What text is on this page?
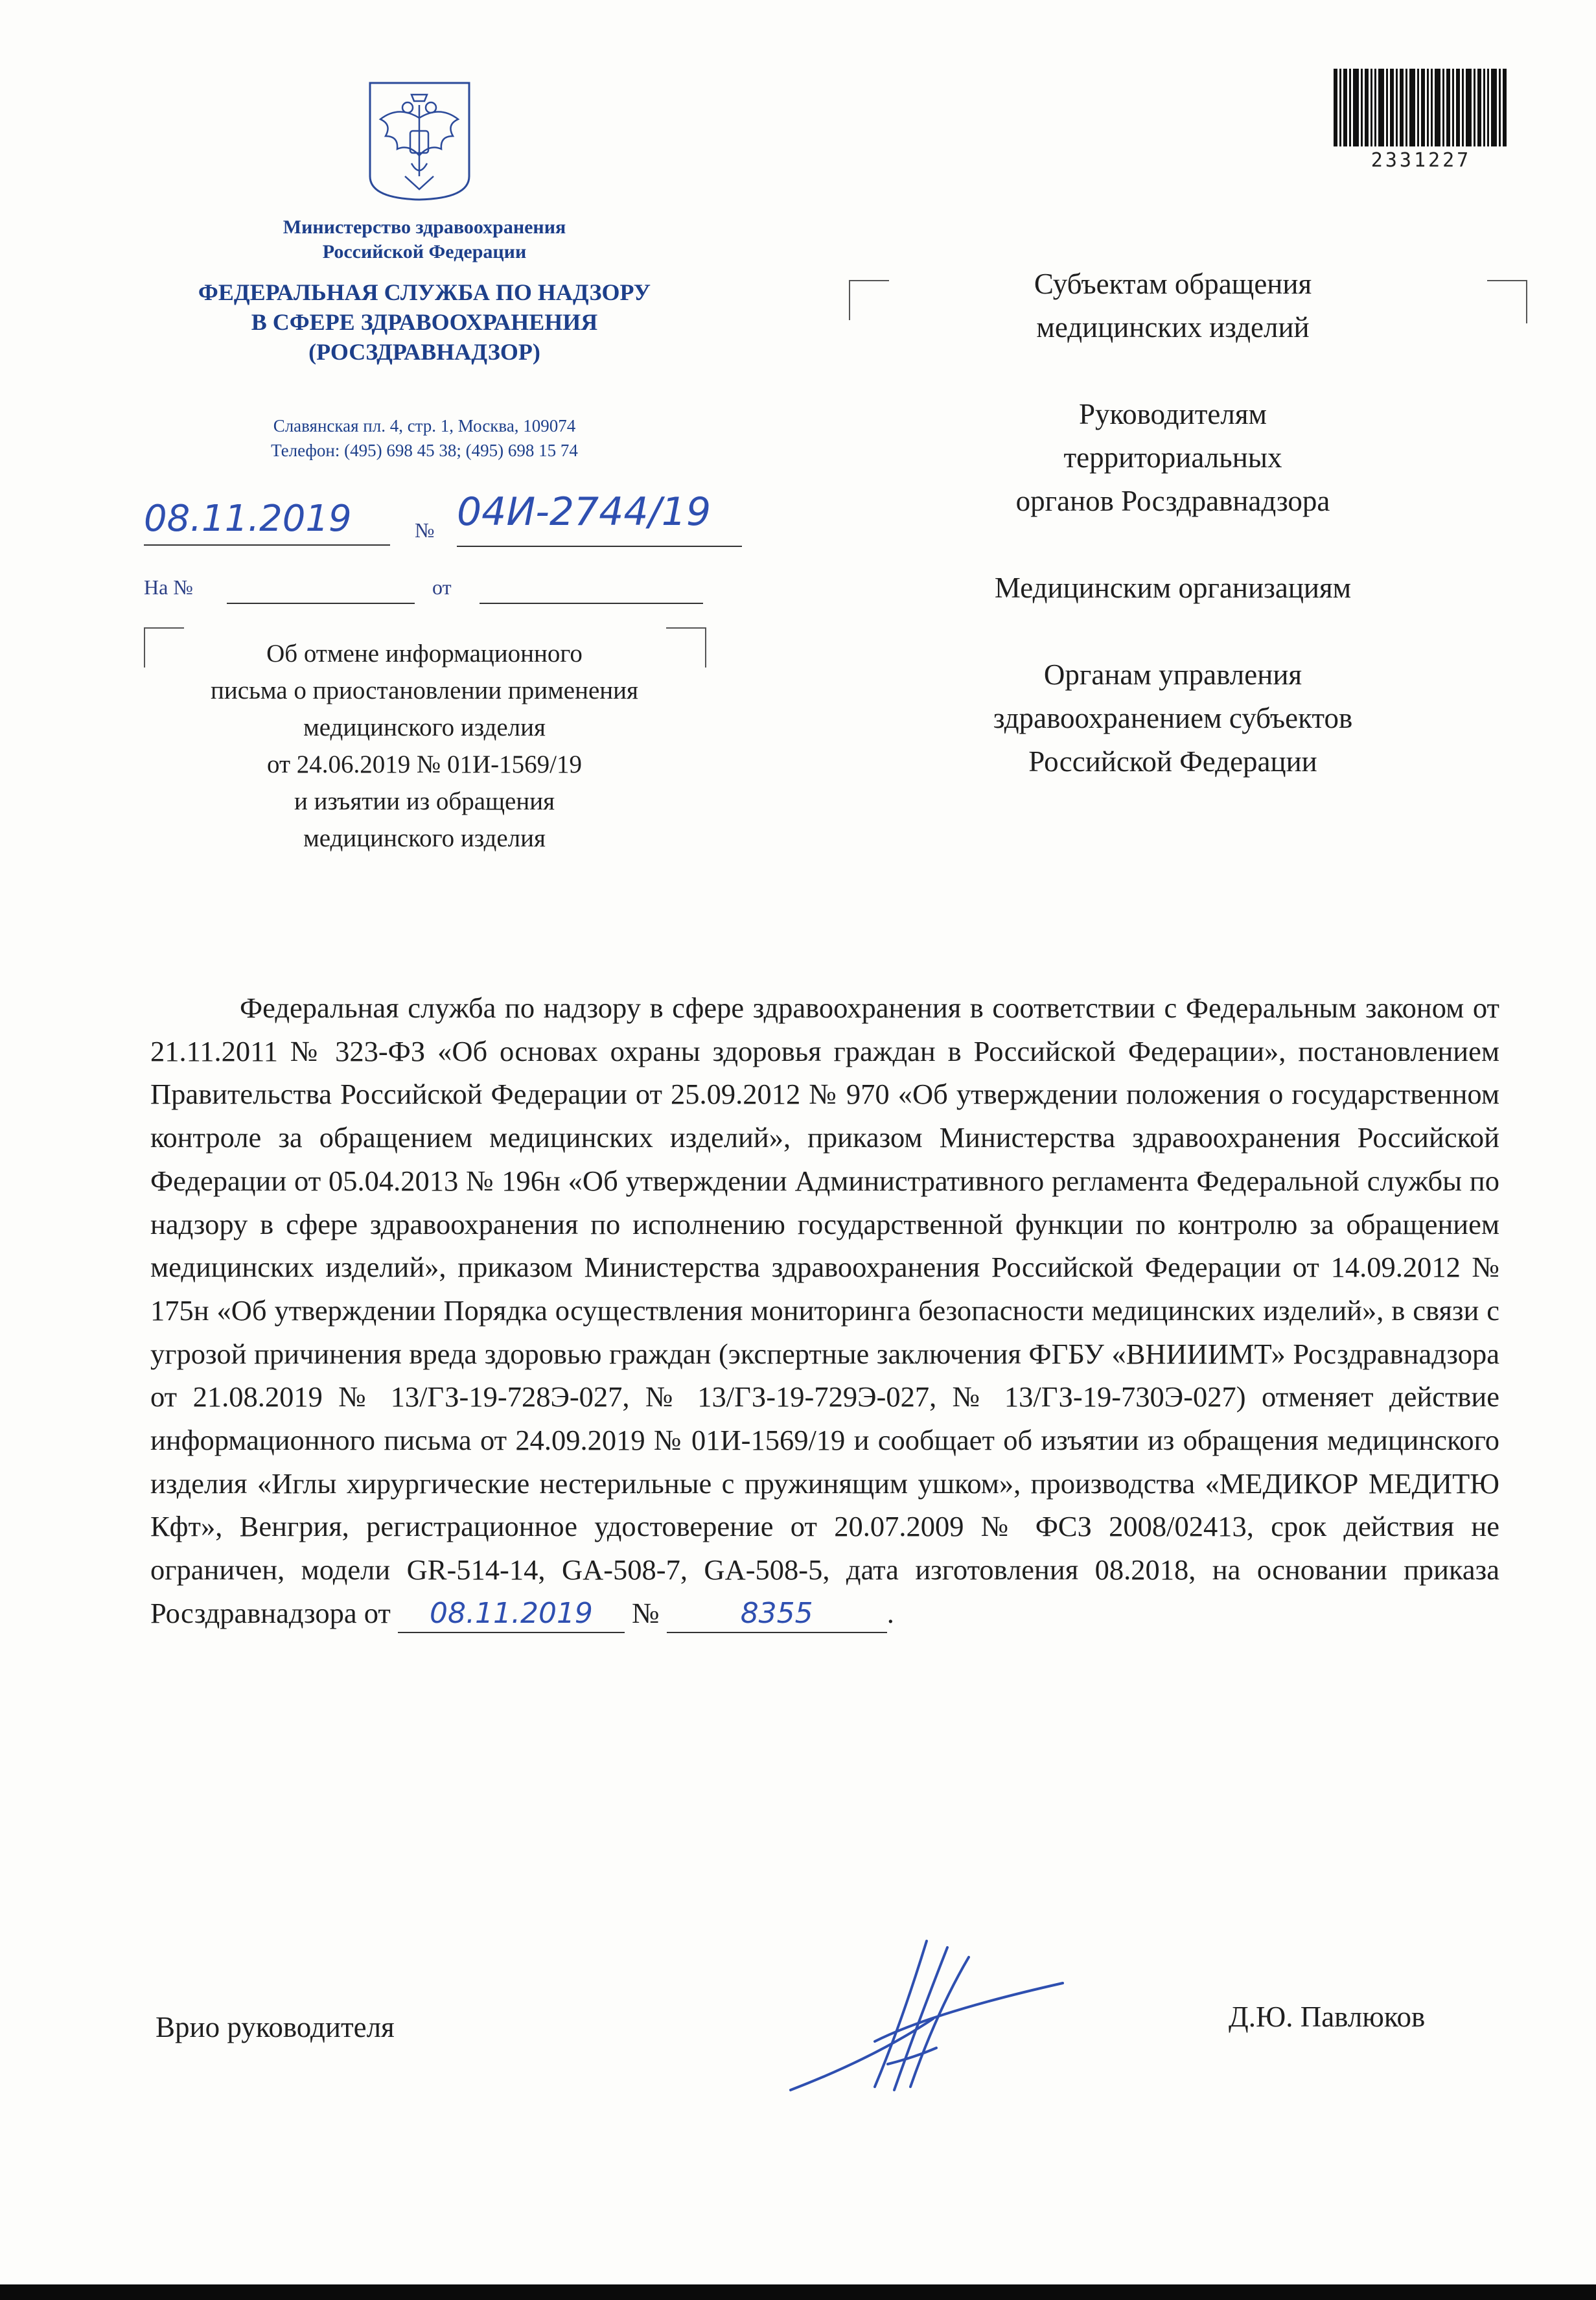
Министерство здравоохранения
Российской Федерации
ФЕДЕРАЛЬНАЯ СЛУЖБА ПО НАДЗОРУ
В СФЕРЕ ЗДРАВООХРАНЕНИЯ
(РОСЗДРАВНАДЗОР)
Славянская пл. 4, стр. 1, Москва, 109074
Телефон: (495) 698 45 38; (495) 698 15 74
08.11.2019	№ 04И-2744/19
На №	от
Об отмене информационного
письма о приостановлении применения
медицинского изделия
от 24.06.2019 № 01И-1569/19
и изъятии из обращения
медицинского изделия
2331227

Субъектам обращения
медицинских изделий

Руководителям
территориальных
органов Росздравнадзора

Медицинским организациям

Органам управления
здравоохранением субъектов
Российской Федерации

Федеральная служба по надзору в сфере здравоохранения в соответствии с Федеральным законом от 21.11.2011 № 323-ФЗ «Об основах охраны здоровья граждан в Российской Федерации», постановлением Правительства Российской Федерации от 25.09.2012 № 970 «Об утверждении положения о государственном контроле за обращением медицинских изделий», приказом Министерства здравоохранения Российской Федерации от 05.04.2013 № 196н «Об утверждении Административного регламента Федеральной службы по надзору в сфере здравоохранения по исполнению государственной функции по контролю за обращением медицинских изделий», приказом Министерства здравоохранения Российской Федерации от 14.09.2012 № 175н «Об утверждении Порядка осуществления мониторинга безопасности медицинских изделий», в связи с угрозой причинения вреда здоровью граждан (экспертные заключения ФГБУ «ВНИИИМТ» Росздравнадзора от 21.08.2019 № 13/ГЗ-19-728Э-027, № 13/ГЗ-19-729Э-027, № 13/ГЗ-19-730Э-027) отменяет действие информационного письма от 24.09.2019 № 01И-1569/19 и сообщает об изъятии из обращения медицинского изделия «Иглы хирургические нестерильные с пружинящим ушком», производства «МЕДИКОР МЕДИТЮ Кфт», Венгрия, регистрационное удостоверение от 20.07.2009 № ФСЗ 2008/02413, срок действия не ограничен, модели GR-514-14, GA-508-7, GA-508-5, дата изготовления 08.2018, на основании приказа Росздравнадзора от 08.11.2019 №	8355	.
Врио руководителя	Д.Ю. Павлюков
